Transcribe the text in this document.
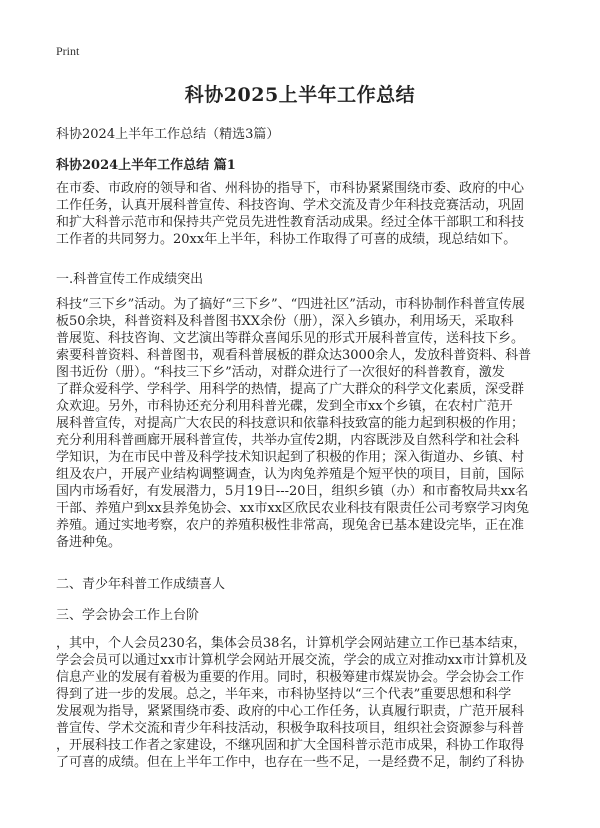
Print
科协2025上半年工作总结
科协2024上半年工作总结（精选3篇）
科协2024上半年工作总结 篇1
在市委、市政府的领导和省、州科协的指导下，市科协紧紧围绕市委、政府的中心
工作任务，认真开展科普宣传、科技咨询、学术交流及青少年科技竞赛活动，巩固
和扩大科普示范市和保持共产党员先进性教育活动成果。经过全体干部职工和科技
工作者的共同努力。20xx年上半年，科协工作取得了可喜的成绩，现总结如下。
一.科普宣传工作成绩突出
科技“三下乡”活动。为了搞好“三下乡”、“四进社区”活动，市科协制作科普宣传展
板50余块，科普资料及科普图书XX余份（册），深入乡镇办，利用场天，采取科
普展览、科技咨询、文艺演出等群众喜闻乐见的形式开展科普宣传，送科技下乡。
索要科普资料、科普图书，观看科普展板的群众达3000余人，发放科普资料、科普
图书近份（册）。“科技三下乡”活动，对群众进行了一次很好的科普教育，激发
了群众爱科学、学科学、用科学的热情，提高了广大群众的科学文化素质，深受群
众欢迎。另外，市科协还充分利用科普光碟，发到全市xx个乡镇，在农村广范开
展科普宣传，对提高广大农民的科技意识和依靠科技致富的能力起到积极的作用；
充分利用科普画廊开展科普宣传，共举办宣传2期，内容既涉及自然科学和社会科
学知识，为在市民中普及科学技术知识起到了积极的作用；深入街道办、乡镇、村
组及农户，开展产业结构调整调查，认为肉兔养殖是个短平快的项目，目前，国际
国内市场看好，有发展潜力，5月19日---20日，组织乡镇（办）和市畜牧局共xx名
干部、养殖户到xx县养兔协会、xx市xx区欣民农业科技有限责任公司考察学习肉兔
养殖。通过实地考察，农户的养殖积极性非常高，现兔舍已基本建设完毕，正在准
备进种兔。
二、青少年科普工作成绩喜人
三、学会协会工作上台阶
，其中，个人会员230名，集体会员38名，计算机学会网站建立工作已基本结束，
学会会员可以通过xx市计算机学会网站开展交流，学会的成立对推动xx市计算机及
信息产业的发展有着极为重要的作用。同时，积极筹建市煤炭协会。学会协会工作
得到了进一步的发展。总之，半年来，市科协坚持以“三个代表”重要思想和科学
发展观为指导，紧紧围绕市委、政府的中心工作任务，认真履行职责，广范开展科
普宣传、学术交流和青少年科技活动，积极争取科技项目，组织社会资源参与科普
，开展科技工作者之家建设，不继巩固和扩大全国科普示范市成果，科协工作取得
了可喜的成绩。但在上半年工作中，也存在一些不足，一是经费不足，制约了科协
